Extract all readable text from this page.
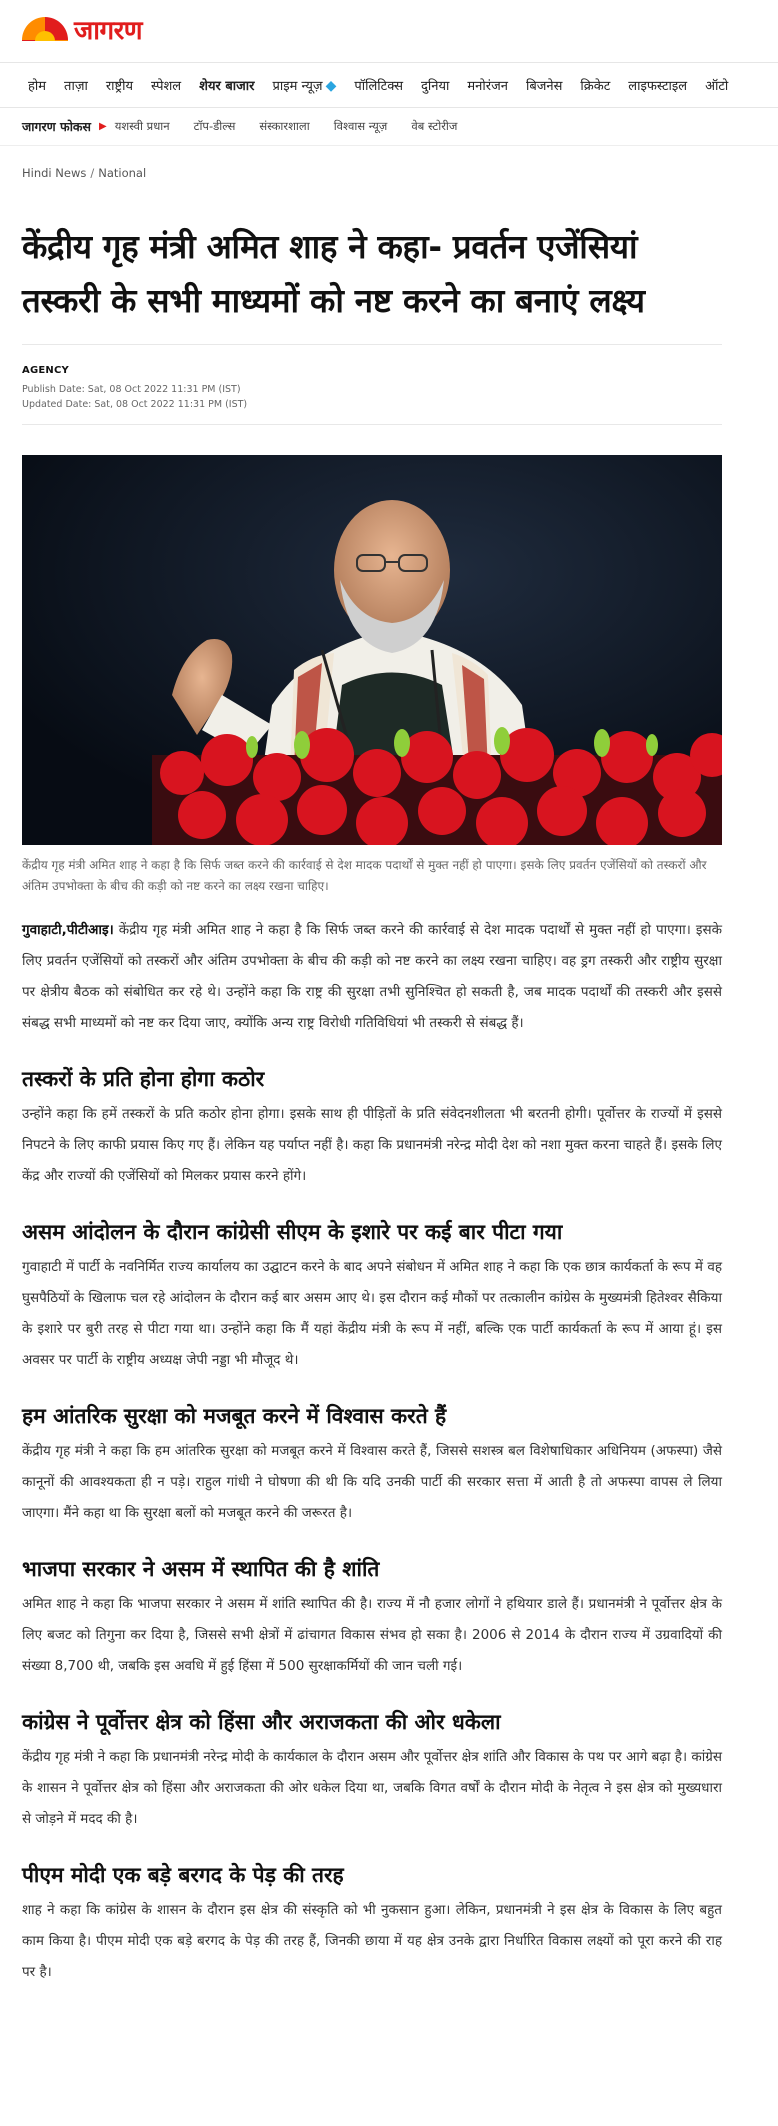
जागरण
होम ताज़ा राष्ट्रीय स्पेशल शेयर बाजार प्राइम न्यूज़ ◆ पॉलिटिक्स दुनिया मनोरंजन बिजनेस क्रिकेट लाइफस्टाइल ऑटो
जागरण फोकस ▶ यशस्वी प्रधान टॉप-डील्स संस्कारशाला विश्वास न्यूज़ वेब स्टोरीज
Hindi News / National
केंद्रीय गृह मंत्री अमित शाह ने कहा- प्रवर्तन एजेंसियां तस्करी के सभी माध्यमों को नष्ट करने का बनाएं लक्ष्य
AGENCY
Publish Date: Sat, 08 Oct 2022 11:31 PM (IST)
Updated Date: Sat, 08 Oct 2022 11:31 PM (IST)

केंद्रीय गृह मंत्री अमित शाह ने कहा है कि सिर्फ जब्त करने की कार्रवाई से देश मादक पदार्थों से मुक्त नहीं हो पाएगा। इसके लिए प्रवर्तन एजेंसियों को तस्करों और अंतिम उपभोक्ता के बीच की कड़ी को नष्ट करने का लक्ष्य रखना चाहिए।

गुवाहाटी,पीटीआइ। केंद्रीय गृह मंत्री अमित शाह ने कहा है कि सिर्फ जब्त करने की कार्रवाई से देश मादक पदार्थों से मुक्त नहीं हो पाएगा। इसके लिए प्रवर्तन एजेंसियों को तस्करों और अंतिम उपभोक्ता के बीच की कड़ी को नष्ट करने का लक्ष्य रखना चाहिए। वह ड्रग तस्करी और राष्ट्रीय सुरक्षा पर क्षेत्रीय बैठक को संबोधित कर रहे थे। उन्होंने कहा कि राष्ट्र की सुरक्षा तभी सुनिश्चित हो सकती है, जब मादक पदार्थों की तस्करी और इससे संबद्ध सभी माध्यमों को नष्ट कर दिया जाए, क्योंकि अन्य राष्ट्र विरोधी गतिविधियां भी तस्करी से संबद्ध हैं।

तस्करों के प्रति होना होगा कठोर

उन्होंने कहा कि हमें तस्करों के प्रति कठोर होना होगा। इसके साथ ही पीड़ितों के प्रति संवेदनशीलता भी बरतनी होगी। पूर्वोत्तर के राज्यों में इससे निपटने के लिए काफी प्रयास किए गए हैं। लेकिन यह पर्याप्त नहीं है। कहा कि प्रधानमंत्री नरेन्द्र मोदी देश को नशा मुक्त करना चाहते हैं। इसके लिए केंद्र और राज्यों की एजेंसियों को मिलकर प्रयास करने होंगे।

असम आंदोलन के दौरान कांग्रेसी सीएम के इशारे पर कई बार पीटा गया

गुवाहाटी में पार्टी के नवनिर्मित राज्य कार्यालय का उद्घाटन करने के बाद अपने संबोधन में अमित शाह ने कहा कि एक छात्र कार्यकर्ता के रूप में वह घुसपैठियों के खिलाफ चल रहे आंदोलन के दौरान कई बार असम आए थे। इस दौरान कई मौकों पर तत्कालीन कांग्रेस के मुख्यमंत्री हितेश्वर सैकिया के इशारे पर बुरी तरह से पीटा गया था। उन्होंने कहा कि मैं यहां केंद्रीय मंत्री के रूप में नहीं, बल्कि एक पार्टी कार्यकर्ता के रूप में आया हूं। इस अवसर पर पार्टी के राष्ट्रीय अध्यक्ष जेपी नड्डा भी मौजूद थे।

हम आंतरिक सुरक्षा को मजबूत करने में विश्वास करते हैं

केंद्रीय गृह मंत्री ने कहा कि हम आंतरिक सुरक्षा को मजबूत करने में विश्वास करते हैं, जिससे सशस्त्र बल विशेषाधिकार अधिनियम (अफस्पा) जैसे कानूनों की आवश्यकता ही न पड़े। राहुल गांधी ने घोषणा की थी कि यदि उनकी पार्टी की सरकार सत्ता में आती है तो अफस्पा वापस ले लिया जाएगा। मैंने कहा था कि सुरक्षा बलों को मजबूत करने की जरूरत है।

भाजपा सरकार ने असम में स्थापित की है शांति

अमित शाह ने कहा कि भाजपा सरकार ने असम में शांति स्थापित की है। राज्य में नौ हजार लोगों ने हथियार डाले हैं। प्रधानमंत्री ने पूर्वोत्तर क्षेत्र के लिए बजट को तिगुना कर दिया है, जिससे सभी क्षेत्रों में ढांचागत विकास संभव हो सका है। 2006 से 2014 के दौरान राज्य में उग्रवादियों की संख्या 8,700 थी, जबकि इस अवधि में हुई हिंसा में 500 सुरक्षाकर्मियों की जान चली गई।

कांग्रेस ने पूर्वोत्तर क्षेत्र को हिंसा और अराजकता की ओर धकेला

केंद्रीय गृह मंत्री ने कहा कि प्रधानमंत्री नरेन्द्र मोदी के कार्यकाल के दौरान असम और पूर्वोत्तर क्षेत्र शांति और विकास के पथ पर आगे बढ़ा है। कांग्रेस के शासन ने पूर्वोत्तर क्षेत्र को हिंसा और अराजकता की ओर धकेल दिया था, जबकि विगत वर्षों के दौरान मोदी के नेतृत्व ने इस क्षेत्र को मुख्यधारा से जोड़ने में मदद की है।

पीएम मोदी एक बड़े बरगद के पेड़ की तरह

शाह ने कहा कि कांग्रेस के शासन के दौरान इस क्षेत्र की संस्कृति को भी नुकसान हुआ। लेकिन, प्रधानमंत्री ने इस क्षेत्र के विकास के लिए बहुत काम किया है। पीएम मोदी एक बड़े बरगद के पेड़ की तरह हैं, जिनकी छाया में यह क्षेत्र उनके द्वारा निर्धारित विकास लक्ष्यों को पूरा करने की राह पर है।
